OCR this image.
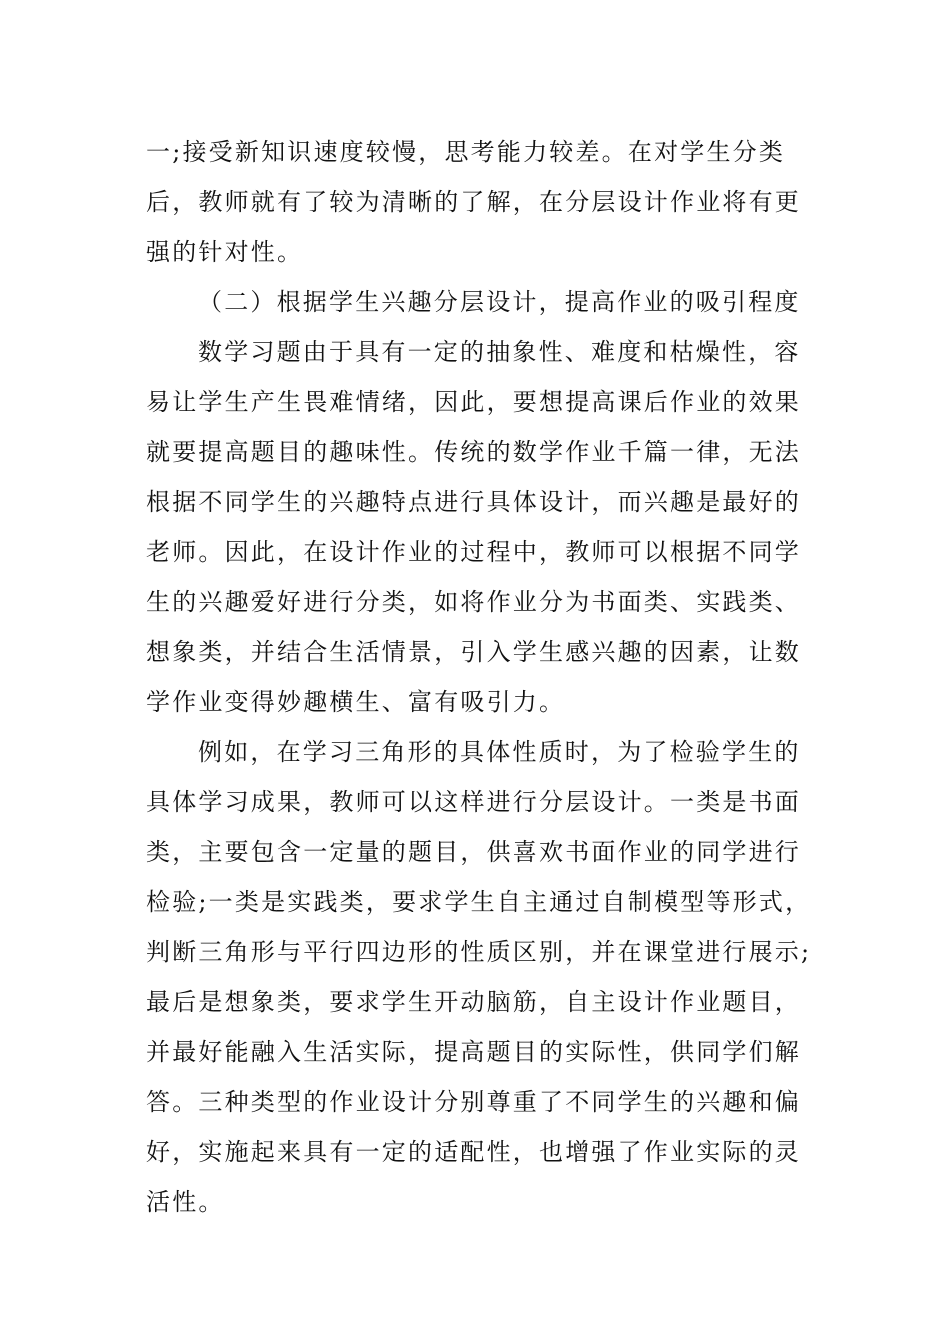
一;接受新知识速度较慢，思考能力较差。在对学生分类
后，教师就有了较为清晰的了解，在分层设计作业将有更
强的针对性。
（二）根据学生兴趣分层设计，提高作业的吸引程度
数学习题由于具有一定的抽象性、难度和枯燥性，容
易让学生产生畏难情绪，因此，要想提高课后作业的效果
就要提高题目的趣味性。传统的数学作业千篇一律，无法
根据不同学生的兴趣特点进行具体设计，而兴趣是最好的
老师。因此，在设计作业的过程中，教师可以根据不同学
生的兴趣爱好进行分类，如将作业分为书面类、实践类、
想象类，并结合生活情景，引入学生感兴趣的因素，让数
学作业变得妙趣横生、富有吸引力。
例如，在学习三角形的具体性质时，为了检验学生的
具体学习成果，教师可以这样进行分层设计。一类是书面
类，主要包含一定量的题目，供喜欢书面作业的同学进行
检验;一类是实践类，要求学生自主通过自制模型等形式，
判断三角形与平行四边形的性质区别，并在课堂进行展示;
最后是想象类，要求学生开动脑筋，自主设计作业题目，
并最好能融入生活实际，提高题目的实际性，供同学们解
答。三种类型的作业设计分别尊重了不同学生的兴趣和偏
好，实施起来具有一定的适配性，也增强了作业实际的灵
活性。
